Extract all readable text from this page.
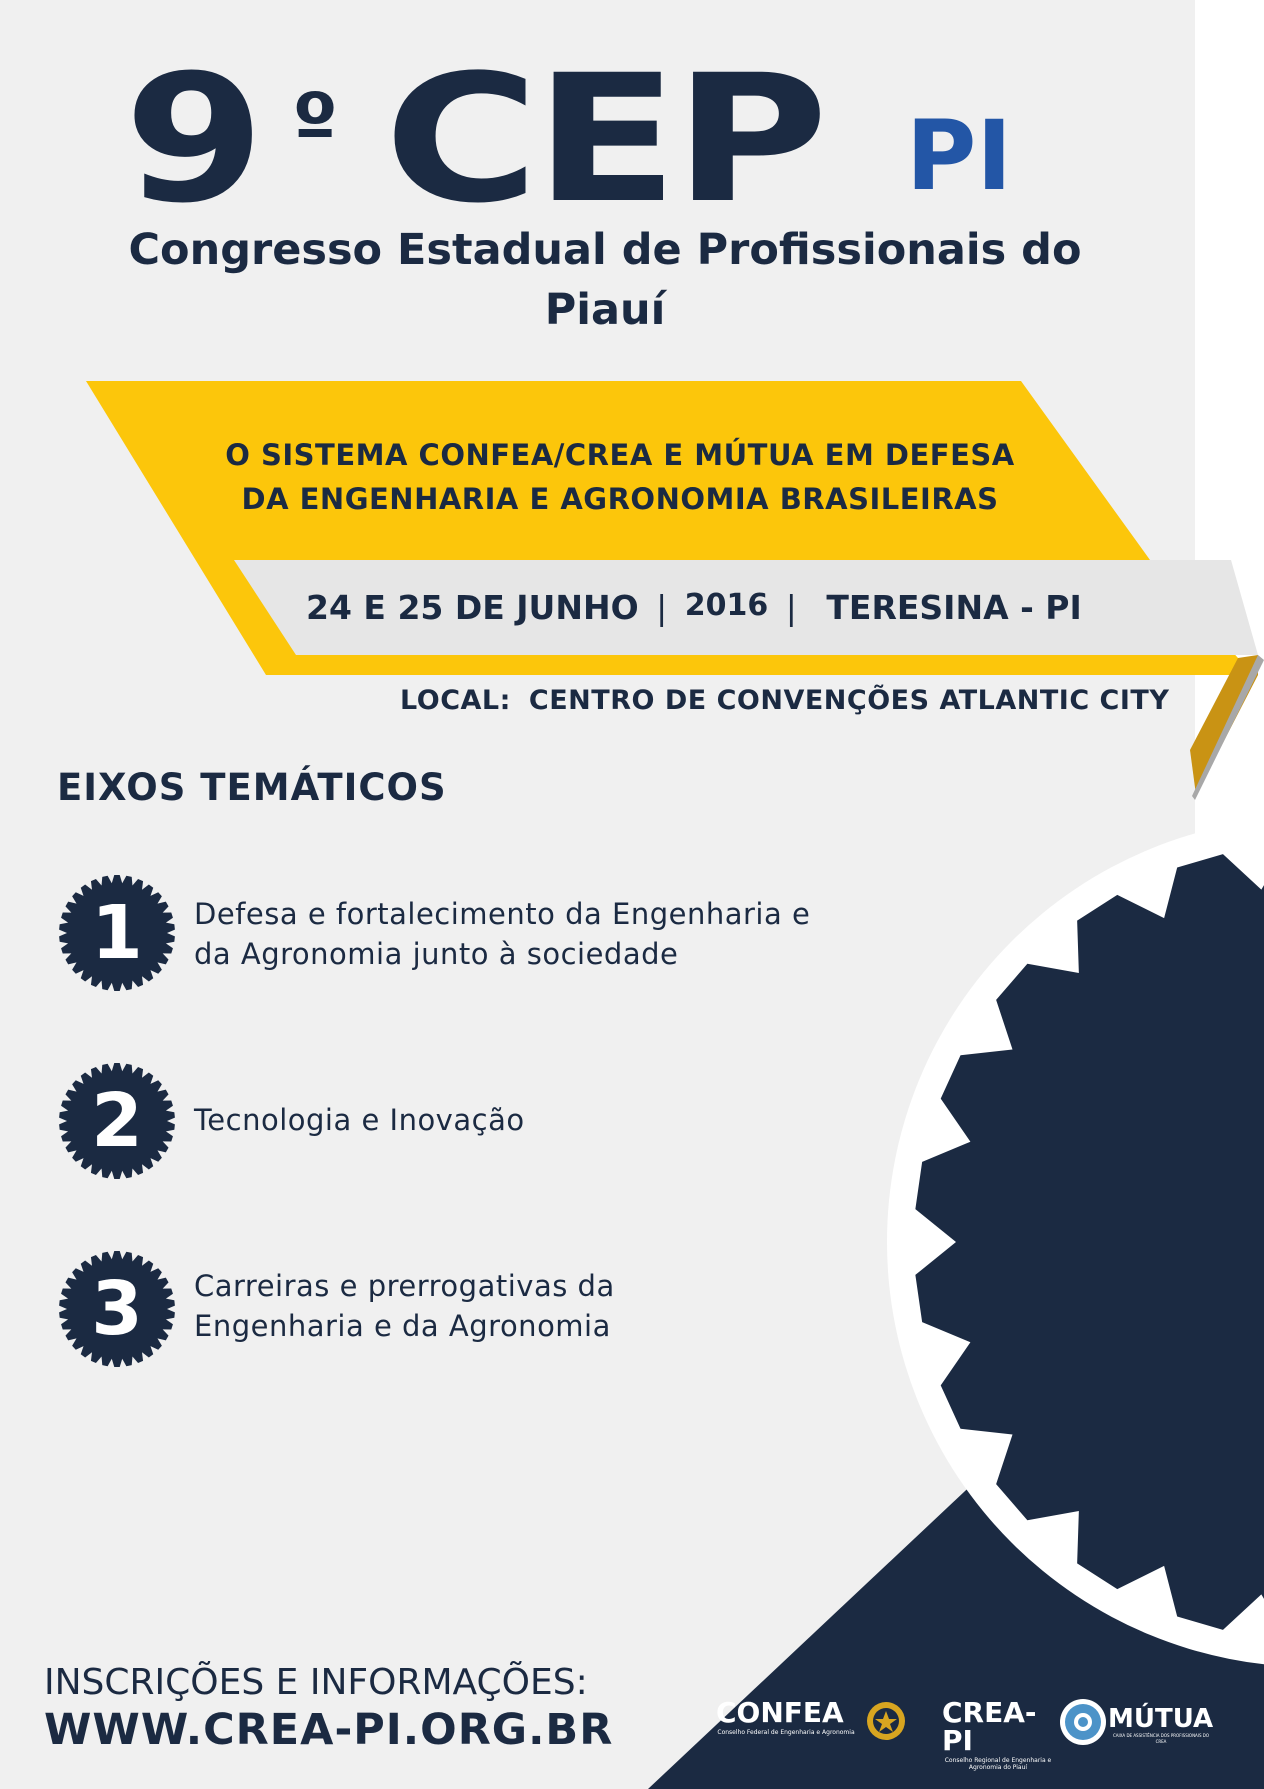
9 º CEP PI
Congresso Estadual de Profissionais do Piauí
O SISTEMA CONFEA/CREA E MÚTUA EM DEFESA
DA ENGENHARIA E AGRONOMIA BRASILEIRAS
24 E 25 DE JUNHO | 2016 | TERESINA - PI
LOCAL: CENTRO DE CONVENÇÕES ATLANTIC CITY
EIXOS TEMÁTICOS
1	Defesa e fortalecimento da Engenharia e
da Agronomia junto à sociedade
2	Tecnologia e Inovação
3	Carreiras e prerrogativas da
Engenharia e da Agronomia
INSCRIÇÕES E INFORMAÇÕES:
WWW.CREA-PI.ORG.BR	CONFEA
Conselho Federal de Engenharia e Agronomia
CREA-PI
Conselho Regional de Engenharia e Agronomia do Piauí
MÚTUA
CAIXA DE ASSISTÊNCIA DOS PROFISSIONAIS DO CREA
